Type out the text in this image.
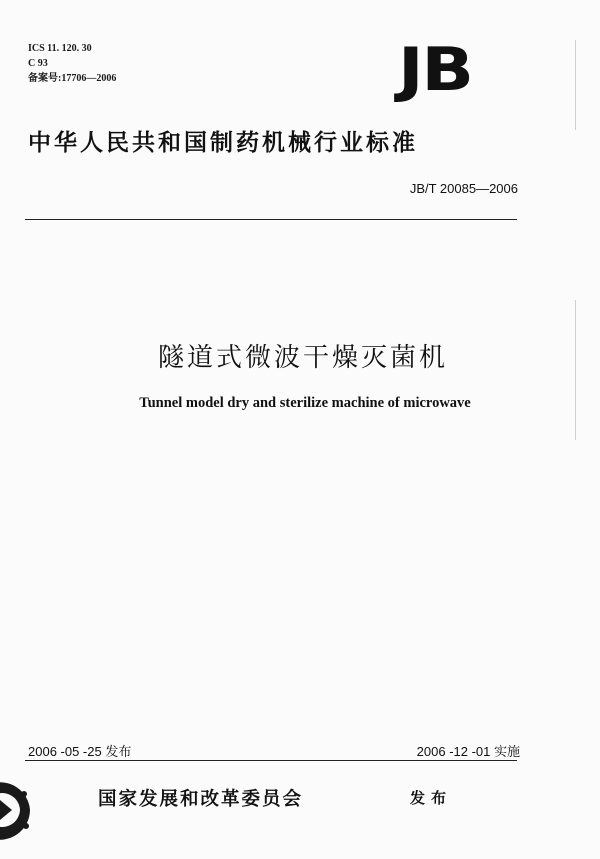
ICS 11. 120. 30
C 93
备案号:17706—2006	JB
中华人民共和国制药机械行业标准
JB/T 20085—2006
隧道式微波干燥灭菌机
Tunnel model dry and sterilize machine of microwave
2006 -05 -25 发布	2006 -12 -01 实施
国家发展和改革委员会	发布
